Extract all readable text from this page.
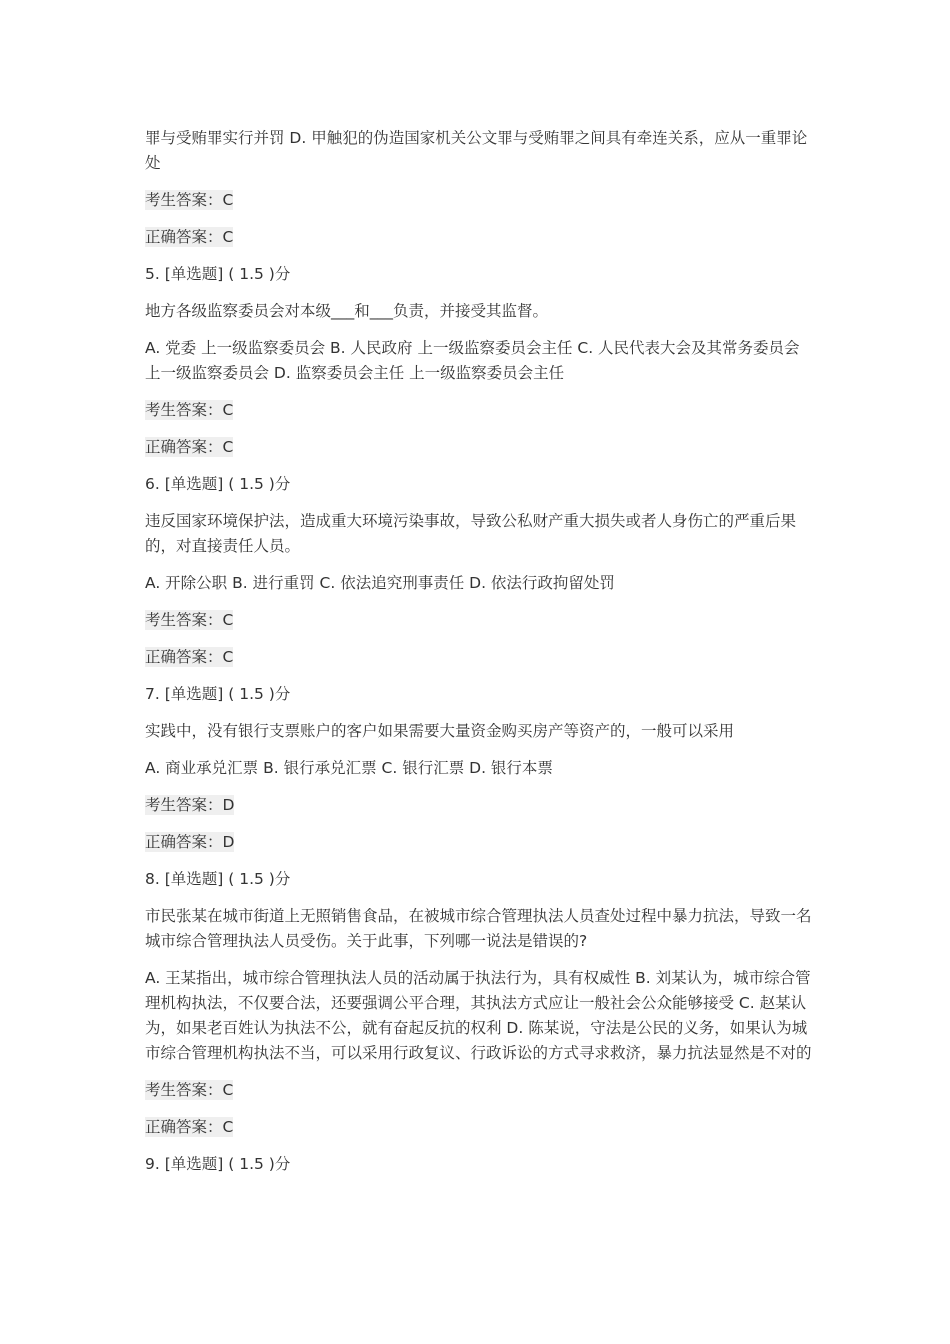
罪与受贿罪实行并罚 D. 甲触犯的伪造国家机关公文罪与受贿罪之间具有牵连关系，应从一重罪论处

考生答案：C

正确答案：C

5. [单选题] ( 1.5 )分

地方各级监察委员会对本级___和___负责，并接受其监督。

A. 党委 上一级监察委员会 B. 人民政府 上一级监察委员会主任 C. 人民代表大会及其常务委员会 上一级监察委员会 D. 监察委员会主任 上一级监察委员会主任

考生答案：C

正确答案：C

6. [单选题] ( 1.5 )分

违反国家环境保护法，造成重大环境污染事故，导致公私财产重大损失或者人身伤亡的严重后果的，对直接责任人员。

A. 开除公职 B. 进行重罚 C. 依法追究刑事责任 D. 依法行政拘留处罚

考生答案：C

正确答案：C

7. [单选题] ( 1.5 )分

实践中，没有银行支票账户的客户如果需要大量资金购买房产等资产的，一般可以采用

A. 商业承兑汇票 B. 银行承兑汇票 C. 银行汇票 D. 银行本票

考生答案：D

正确答案：D

8. [单选题] ( 1.5 )分

市民张某在城市街道上无照销售食品，在被城市综合管理执法人员查处过程中暴力抗法，导致一名城市综合管理执法人员受伤。关于此事，下列哪一说法是错误的?

A. 王某指出，城市综合管理执法人员的活动属于执法行为，具有权威性 B. 刘某认为，城市综合管理机构执法，不仅要合法，还要强调公平合理，其执法方式应让一般社会公众能够接受 C. 赵某认为，如果老百姓认为执法不公，就有奋起反抗的权利 D. 陈某说，守法是公民的义务，如果认为城市综合管理机构执法不当，可以采用行政复议、行政诉讼的方式寻求救济，暴力抗法显然是不对的

考生答案：C

正确答案：C

9. [单选题] ( 1.5 )分
